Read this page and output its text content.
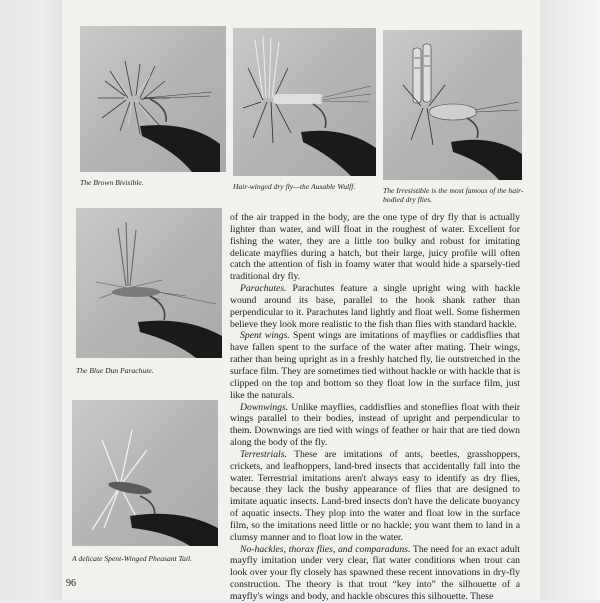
The Brown Bivisible.	Hair-winged dry fly—the Ausable Wulff.	The Irresistible is the most famous of the hair-bodied dry flies.
The Blue Dun Parachute.
A delicate Spent-Winged Pheasant Tail.

of the air trapped in the body, are the one type of dry fly that is actually lighter than water, and will float in the roughest of water. Excellent for fishing the water, they are a little too bulky and robust for imitating delicate mayflies during a hatch, but their large, juicy profile will often catch the attention of fish in foamy water that would hide a sparsely-tied traditional dry fly.

Parachutes. Parachutes feature a single upright wing with hackle wound around its base, parallel to the hook shank rather than perpendicular to it. Parachutes land lightly and float well. Some fishermen believe they look more realistic to the fish than flies with standard hackle.

Spent wings. Spent wings are imitations of mayflies or caddisflies that have fallen spent to the surface of the water after mating. Their wings, rather than being upright as in a freshly hatched fly, lie outstretched in the surface film. They are sometimes tied without hackle or with hackle that is clipped on the top and bottom so they float low in the surface film, just like the naturals.

Downwings. Unlike mayflies, caddisflies and stoneflies float with their wings parallel to their bodies, instead of upright and perpendicular to them. Downwings are tied with wings of feather or hair that are tied down along the body of the fly.

Terrestrials. These are imitations of ants, beetles, grasshoppers, crickets, and leafhoppers, land-bred insects that accidentally fall into the water. Terrestrial imitations aren't always easy to identify as dry flies, because they lack the bushy appearance of flies that are designed to imitate aquatic insects. Land-bred insects don't have the delicate buoyancy of aquatic insects. They plop into the water and float low in the surface film, so the imitations need little or no hackle; you want them to land in a clumsy manner and to float low in the water.

No-hackles, thorax flies, and comparaduns. The need for an exact adult mayfly imitation under very clear, flat water conditions when trout can look over your fly closely has spawned these recent innovations in dry-fly construction. The theory is that trout “key into” the silhouette of a mayfly's wings and body, and hackle obscures this silhouette. These

96
